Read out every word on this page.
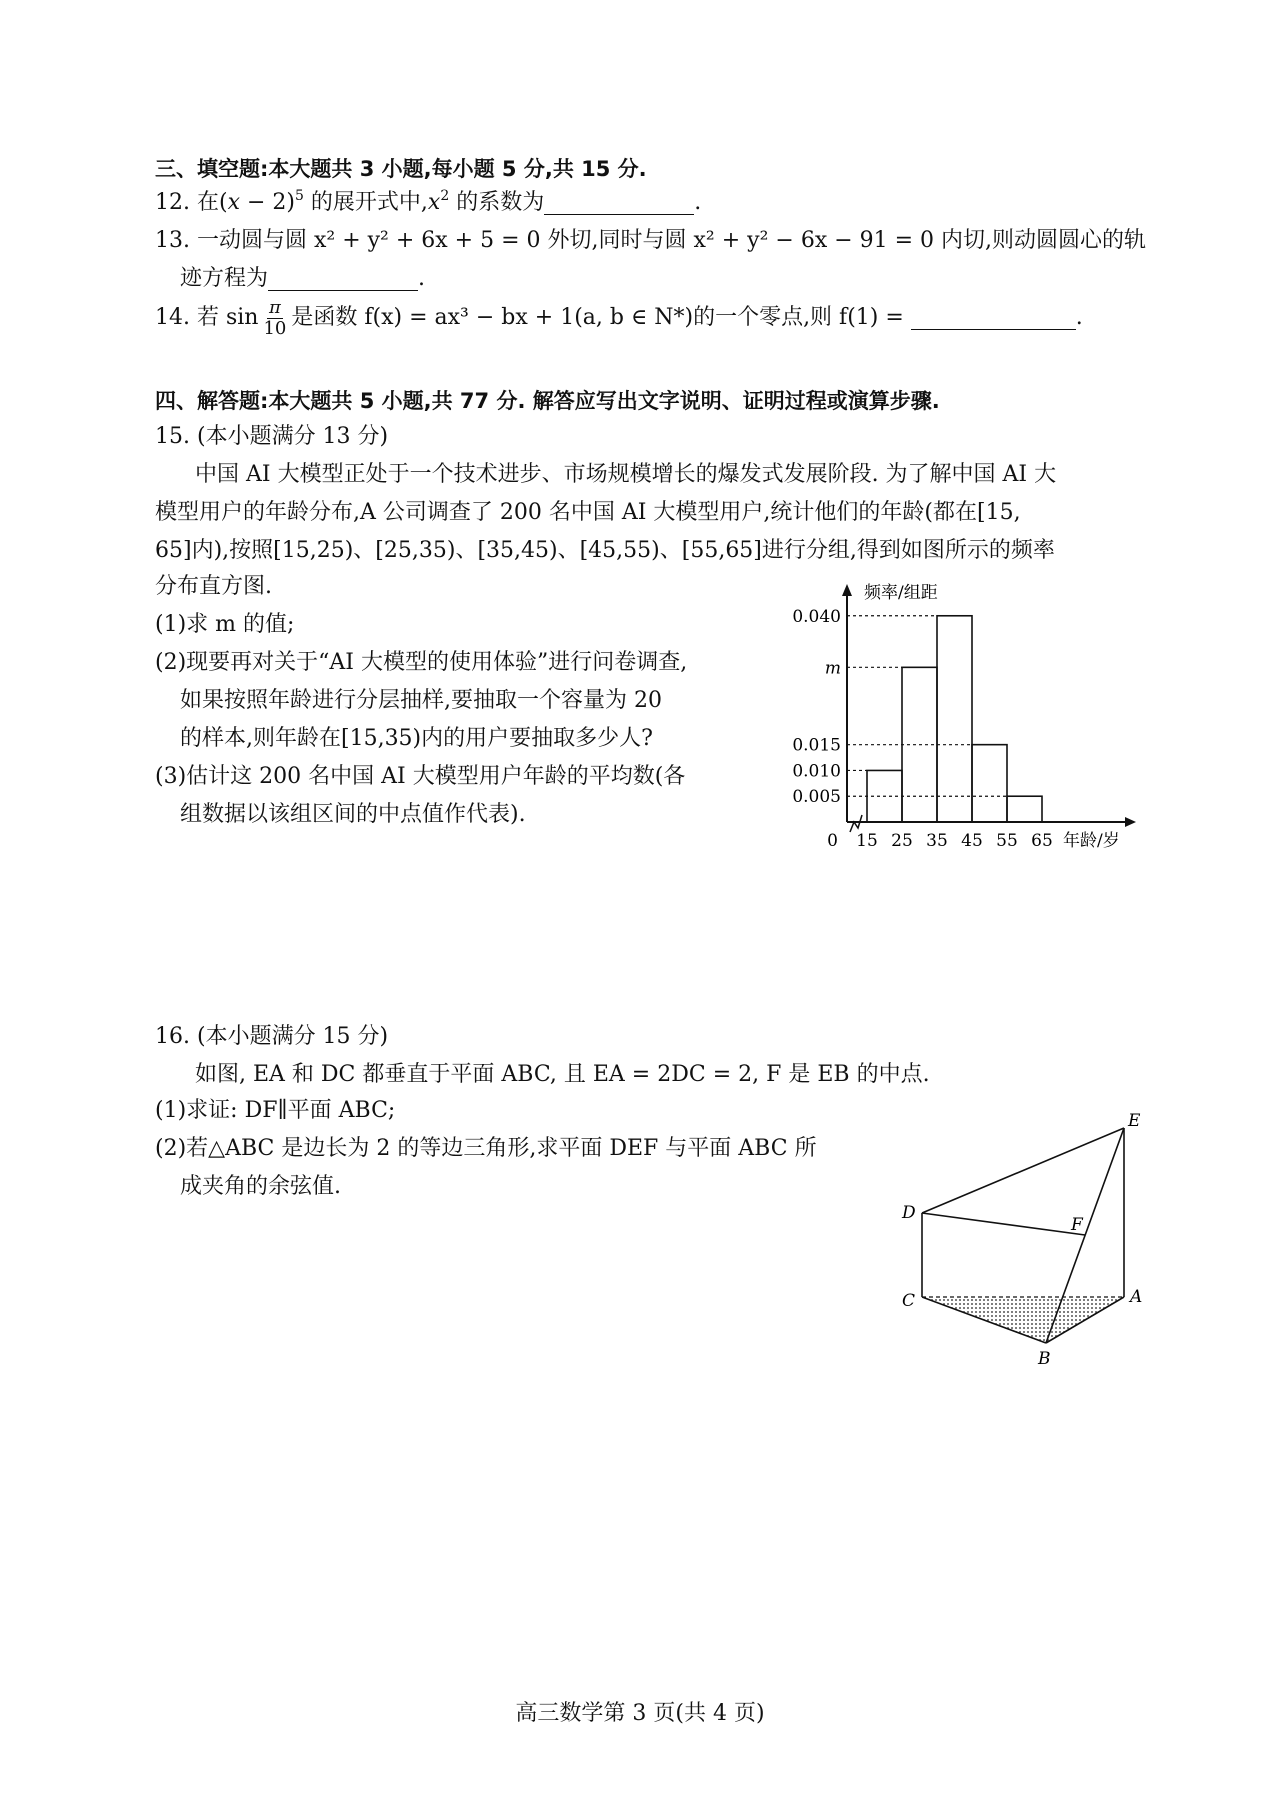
三、填空题:本大题共 3 小题,每小题 5 分,共 15 分.
12. 在$(x - 2)^5$ 的展开式中$,x^2$ 的系数为	.
13. 一动圆与圆 x² + y² + 6x + 5 = 0 外切,同时与圆 x² + y² − 6x − 91 = 0 内切,则动圆圆心的轨
迹方程为	.
14. 若 $\sin \frac{\pi}{10}$ 是函数 f(x) = ax³ − bx + 1(a, b ∈ N*)的一个零点,则 f(1) =	.
四、解答题:本大题共 5 小题,共 77 分. 解答应写出文字说明、证明过程或演算步骤.
15. (本小题满分 13 分)
中国 AI 大模型正处于一个技术进步、市场规模增长的爆发式发展阶段. 为了解中国 AI 大
模型用户的年龄分布,A 公司调查了 200 名中国 AI 大模型用户,统计他们的年龄(都在[15,
65]内),按照[15,25)、[25,35)、[35,45)、[45,55)、[55,65]进行分组,得到如图所示的频率
分布直方图.
(1)求 m 的值;
(2)现要再对关于“AI 大模型的使用体验”进行问卷调查,
如果按照年龄进行分层抽样,要抽取一个容量为 20
的样本,则年龄在[15,35)内的用户要抽取多少人?
(3)估计这 200 名中国 AI 大模型用户年龄的平均数(各
组数据以该组区间的中点值作代表).
频率/组距
0	年龄/岁
0.040
m
0.015
0.010
0.005
15 25 35 45 55 65
16. (本小题满分 15 分)
如图, EA 和 DC 都垂直于平面 ABC, 且 EA = 2DC = 2, F 是 EB 的中点.
(1)求证: DF∥平面 ABC;
(2)若△ABC 是边长为 2 的等边三角形,求平面 DEF 与平面 ABC 所
成夹角的余弦值.
E
D
F
C	A
B
高三数学第 3 页(共 4 页)
